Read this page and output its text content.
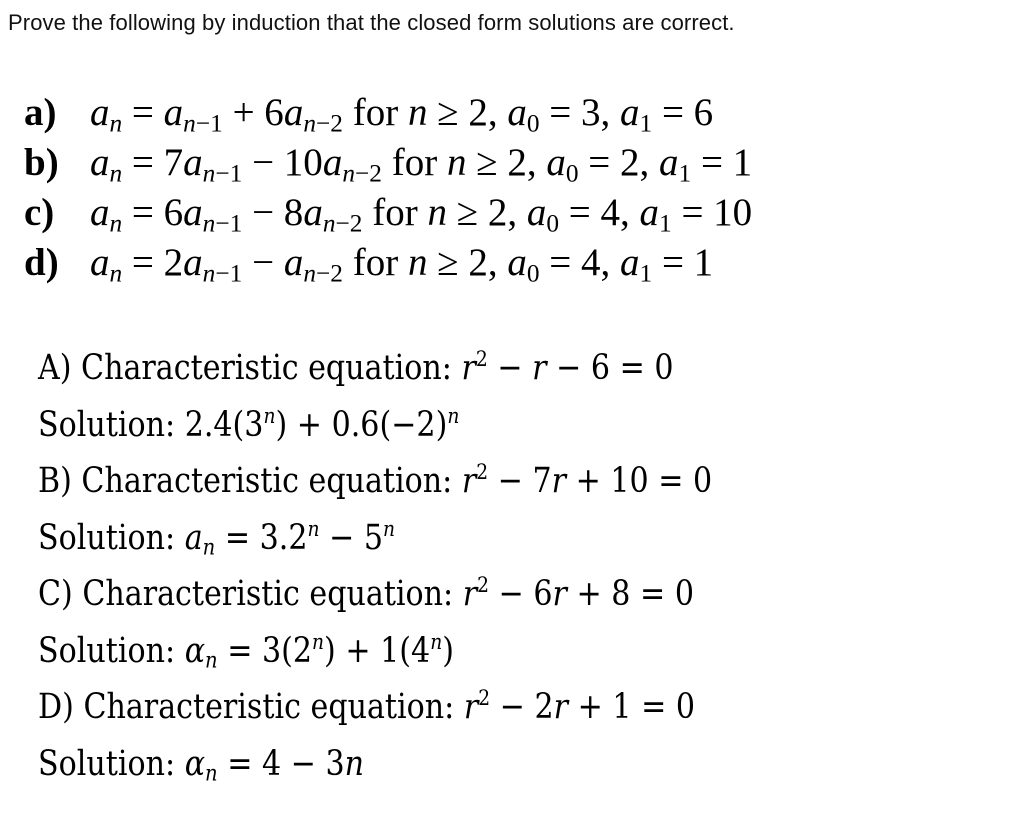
Prove the following by induction that the closed form solutions are correct.
a) $a_n = a_{n-1} + 6a_{n-2}$ for n ≥ 2, $a_0 = 3$, $a_1 = 6$
b) $a_n = 7a_{n-1} - 10a_{n-2}$ for n ≥ 2, $a_0 = 2$, $a_1 = 1$
c) $a_n = 6a_{n-1} - 8a_{n-2}$ for n ≥ 2, $a_0 = 4$, $a_1 = 10$
d) $a_n = 2a_{n-1} - a_{n-2}$ for n ≥ 2, $a_0 = 4$, $a_1 = 1$
A) Characteristic equation: $r^2 - r - 6 = 0$
Solution: $2.4(3^n) + 0.6(-2)^n$
B) Characteristic equation: $r^2 - 7r + 10 = 0$
Solution: $a_n = 3.2^n - 5^n$
C) Characteristic equation: $r^2 - 6r + 8 = 0$
Solution: $\alpha_n = 3(2^n) + 1(4^n)$
D) Characteristic equation: $r^2 - 2r + 1 = 0$
Solution: $\alpha_n = 4 - 3n$
